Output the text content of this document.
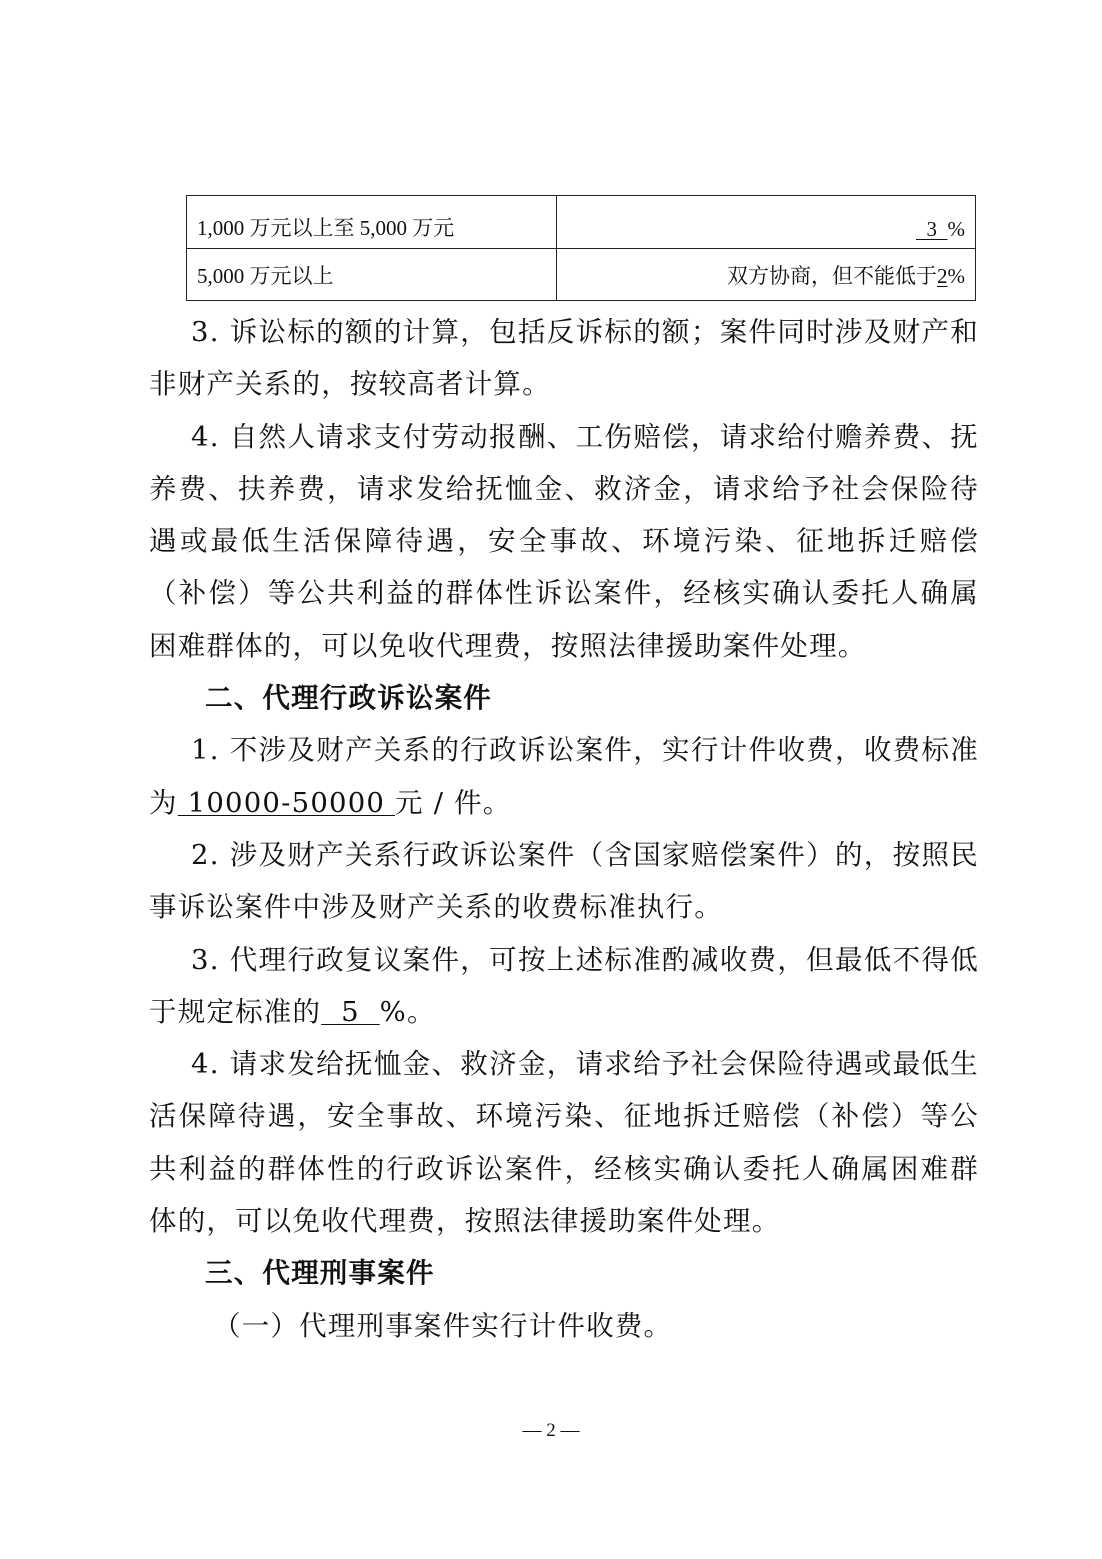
1,000 万元以上至 5,000 万元	3  %
5,000 万元以上	双方协商，但不能低于2%

3. 诉讼标的额的计算，包括反诉标的额；案件同时涉及财产和非财产关系的，按较高者计算。

4. 自然人请求支付劳动报酬、工伤赔偿，请求给付赡养费、抚养费、扶养费，请求发给抚恤金、救济金，请求给予社会保险待遇或最低生活保障待遇，安全事故、环境污染、征地拆迁赔偿（补偿）等公共利益的群体性诉讼案件，经核实确认委托人确属困难群体的，可以免收代理费，按照法律援助案件处理。

二、代理行政诉讼案件

1. 不涉及财产关系的行政诉讼案件，实行计件收费，收费标准为 10000-50000 元 / 件。

2. 涉及财产关系行政诉讼案件（含国家赔偿案件）的，按照民事诉讼案件中涉及财产关系的收费标准执行。

3. 代理行政复议案件，可按上述标准酌减收费，但最低不得低于规定标准的  5  %。

4. 请求发给抚恤金、救济金，请求给予社会保险待遇或最低生活保障待遇，安全事故、环境污染、征地拆迁赔偿（补偿）等公共利益的群体性的行政诉讼案件，经核实确认委托人确属困难群体的，可以免收代理费，按照法律援助案件处理。

三、代理刑事案件

（一）代理刑事案件实行计件收费。

— 2 —
